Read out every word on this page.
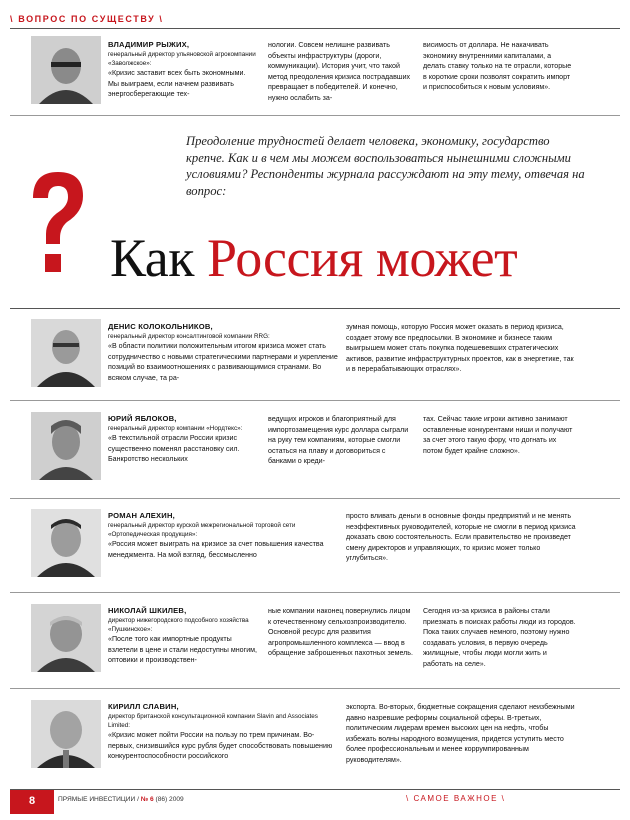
\ ВОПРОС ПО СУЩЕСТВУ \
ВЛАДИМИР РЫЖИХ,
генеральный директор ульяновской агрокомпании «Заволжское»:
«Кризис заставит всех быть экономными. Мы выиграем, если начнем развивать энергосберегающие тех-

нологии. Совсем нелишне развивать объекты инфраструктуры (дороги, коммуникации). История учит, что такой метод преодоления кризиса пострадавших превращает в победителей. И конечно, нужно ослабить за-

висимость от доллара. Не накачивать экономику внутренними капиталами, а делать ставку только на те отрасли, которые в короткие сроки позволят сократить импорт и приспособиться к новым условиям».

Преодоление трудностей делает человека, экономику, государство крепче. Как и в чем мы можем воспользоваться нынешними сложными условиями? Респонденты журнала рассуждают на эту тему, отвечая на вопрос:
Как Россия может
ДЕНИС КОЛОКОЛЬНИКОВ,
генеральный директор консалтинговой компании RRG:
«В области политики положительным итогом кризиса может стать сотрудничество с новыми стратегическими партнерами и укрепление позиций во взаимоотношениях с развивающимися странами. Во всяком случае, та ра-

зумная помощь, которую Россия может оказать в период кризиса, создает этому все предпосылки. В экономике и бизнесе таким выигрышем может стать покупка подешевевших стратегических активов, развитие инфраструктурных проектов, как в энергетике, так и в перерабатывающих отраслях».

ЮРИЙ ЯБЛОКОВ,
генеральный директор компании «Нордтекс»:
«В текстильной отрасли России кризис существенно поменял расстановку сил. Банкротство нескольких

ведущих игроков и благоприятный для импортозамещения курс доллара сыграли на руку тем компаниям, которые смогли остаться на плаву и договориться с банками о креди-

тах. Сейчас такие игроки активно занимают оставленные конкурентами ниши и получают за счет этого такую фору, что догнать их потом будет крайне сложно».

РОМАН АЛЕХИН,
генеральный директор курской межрегиональной торговой сети «Ортопедическая продукция»:
«Россия может выиграть на кризисе за счет повышения качества менеджмента. На мой взгляд, бессмысленно

просто вливать деньги в основные фонды предприятий и не менять неэффективных руководителей, которые не смогли в период кризиса доказать свою состоятельность. Если правительство не произведет смену директоров и управляющих, то кризис может только углубиться».

НИКОЛАЙ ШКИЛЕВ,
директор нижегородского подсобного хозяйства «Пушкинское»:
«После того как импортные продукты взлетели в цене и стали недоступны многим, оптовики и производствен-

ные компании наконец повернулись лицом к отечественному сельхозпроизводителю. Основной ресурс для развития агропромышленного комплекса — ввод в обращение заброшенных пахотных земель.

Сегодня из-за кризиса в районы стали приезжать в поисках работы люди из городов. Пока таких случаев немного, поэтому нужно создавать условия, в первую очередь жилищные, чтобы люди могли жить и работать на селе».

КИРИЛЛ СЛАВИН,
директор британской консультационной компании Slavin and Associates Limited:
«Кризис может пойти России на пользу по трем причинам. Во-первых, снизившийся курс рубля будет способствовать повышению конкурентоспособности российского

экспорта. Во-вторых, бюджетные сокращения сделают неизбежными давно назревшие реформы социальной сферы. В-третьих, политическим лидерам времен высоких цен на нефть, чтобы избежать волны народного возмущения, придется уступить место более профессиональным и менее коррумпированным руководителям».

8	ПРЯМЫЕ ИНВЕСТИЦИИ / № 6 (86) 2009	\ САМОЕ ВАЖНОЕ \
